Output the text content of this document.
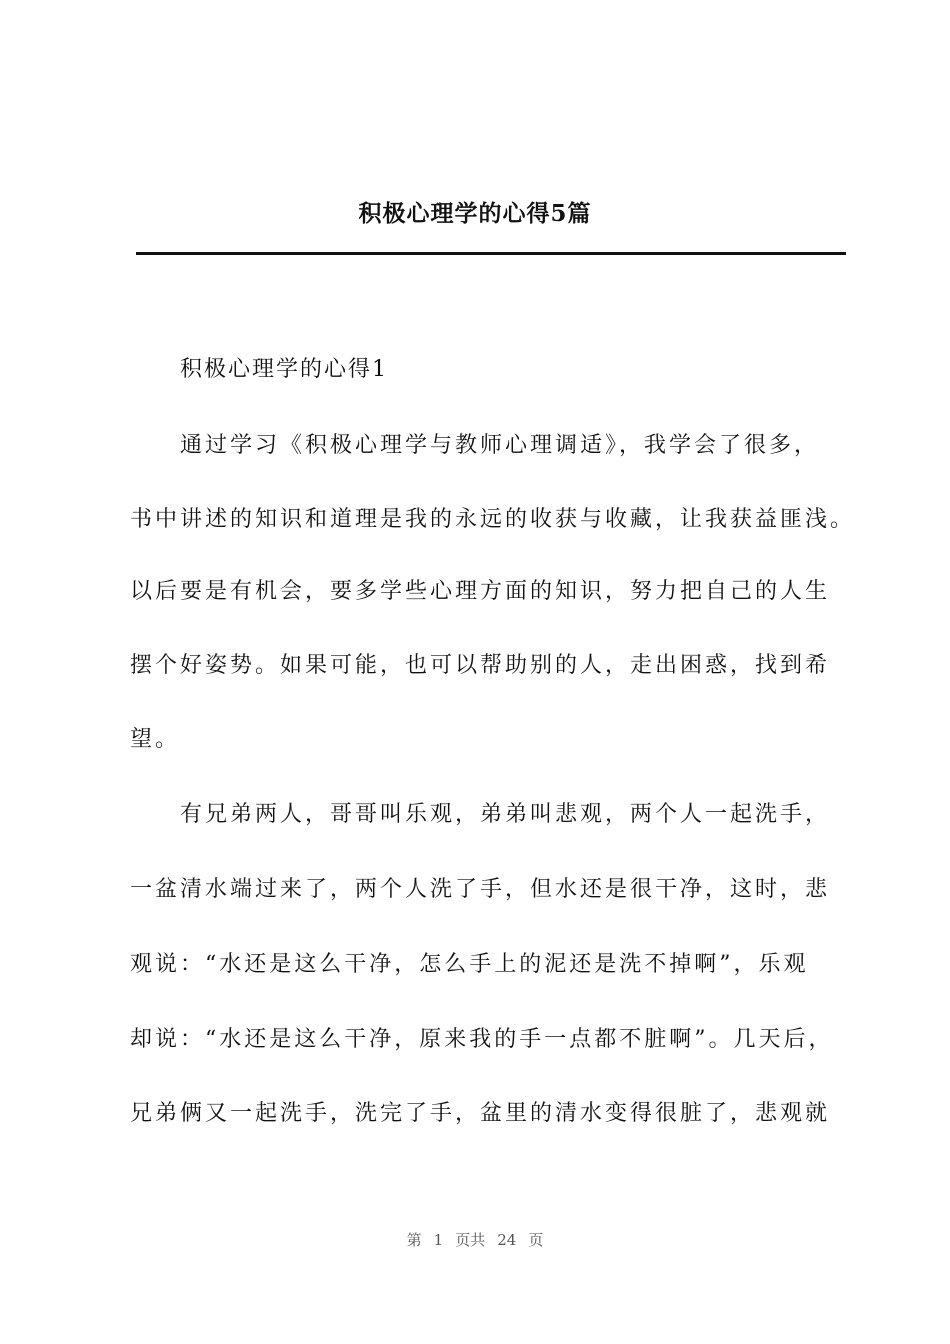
积极心理学的心得5篇
积极心理学的心得1
通过学习《积极心理学与教师心理调适》，我学会了很多，
书中讲述的知识和道理是我的永远的收获与收藏，让我获益匪浅。
以后要是有机会，要多学些心理方面的知识，努力把自己的人生
摆个好姿势。如果可能，也可以帮助别的人，走出困惑，找到希
望。
有兄弟两人，哥哥叫乐观，弟弟叫悲观，两个人一起洗手，
一盆清水端过来了，两个人洗了手，但水还是很干净，这时，悲
观说：“水还是这么干净，怎么手上的泥还是洗不掉啊”，乐观
却说：“水还是这么干净，原来我的手一点都不脏啊”。几天后，
兄弟俩又一起洗手，洗完了手，盆里的清水变得很脏了，悲观就
第 1 页共 24 页
